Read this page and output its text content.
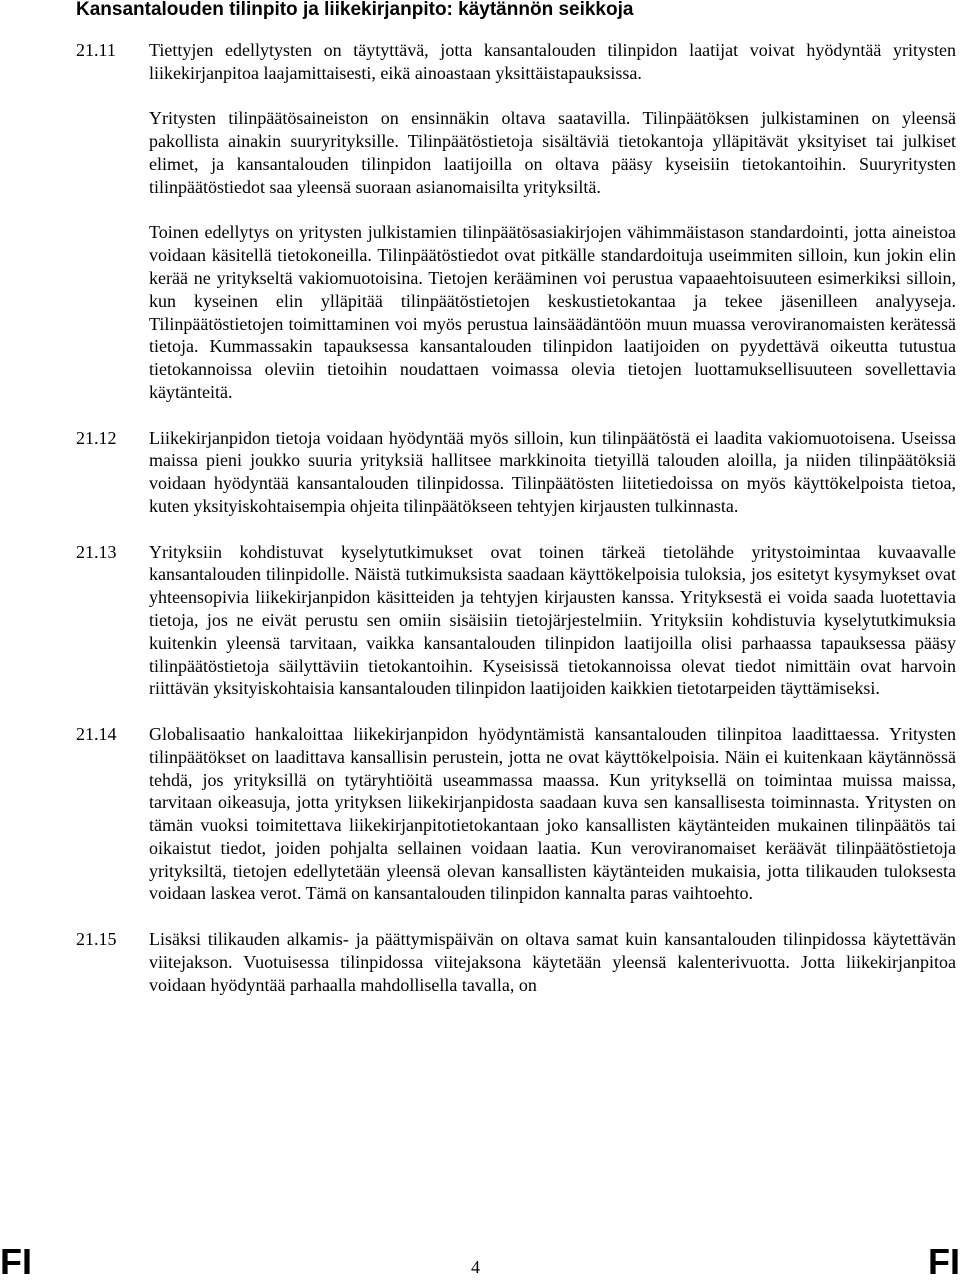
Kansantalouden tilinpito ja liikekirjanpito: käytännön seikkoja
21.11	Tiettyjen edellytysten on täytyttävä, jotta kansantalouden tilinpidon laatijat voivat hyödyntää yritysten liikekirjanpitoa laajamittaisesti, eikä ainoastaan yksittäistapauksissa.

Yritysten tilinpäätösaineiston on ensinnäkin oltava saatavilla. Tilinpäätöksen julkistaminen on yleensä pakollista ainakin suuryrityksille. Tilinpäätöstietoja sisältäviä tietokantoja ylläpitävät yksityiset tai julkiset elimet, ja kansantalouden tilinpidon laatijoilla on oltava pääsy kyseisiin tietokantoihin. Suuryritysten tilinpäätöstiedot saa yleensä suoraan asianomaisilta yrityksiltä.

Toinen edellytys on yritysten julkistamien tilinpäätösasiakirjojen vähimmäistason standardointi, jotta aineistoa voidaan käsitellä tietokoneilla. Tilinpäätöstiedot ovat pitkälle standardoituja useimmiten silloin, kun jokin elin kerää ne yritykseltä vakiomuotoisina. Tietojen kerääminen voi perustua vapaaehtoisuuteen esimerkiksi silloin, kun kyseinen elin ylläpitää tilinpäätöstietojen keskustietokantaa ja tekee jäsenilleen analyyseja. Tilinpäätöstietojen toimittaminen voi myös perustua lainsäädäntöön muun muassa veroviranomaisten kerätessä tietoja. Kummassakin tapauksessa kansantalouden tilinpidon laatijoiden on pyydettävä oikeutta tutustua tietokannoissa oleviin tietoihin noudattaen voimassa olevia tietojen luottamuksellisuuteen sovellettavia käytänteitä.

21.12	Liikekirjanpidon tietoja voidaan hyödyntää myös silloin, kun tilinpäätöstä ei laadita vakiomuotoisena. Useissa maissa pieni joukko suuria yrityksiä hallitsee markkinoita tietyillä talouden aloilla, ja niiden tilinpäätöksiä voidaan hyödyntää kansantalouden tilinpidossa. Tilinpäätösten liitetiedoissa on myös käyttökelpoista tietoa, kuten yksityiskohtaisempia ohjeita tilinpäätökseen tehtyjen kirjausten tulkinnasta.

21.13	Yrityksiin kohdistuvat kyselytutkimukset ovat toinen tärkeä tietolähde yritystoimintaa kuvaavalle kansantalouden tilinpidolle. Näistä tutkimuksista saadaan käyttökelpoisia tuloksia, jos esitetyt kysymykset ovat yhteensopivia liikekirjanpidon käsitteiden ja tehtyjen kirjausten kanssa. Yrityksestä ei voida saada luotettavia tietoja, jos ne eivät perustu sen omiin sisäisiin tietojärjestelmiin. Yrityksiin kohdistuvia kyselytutkimuksia kuitenkin yleensä tarvitaan, vaikka kansantalouden tilinpidon laatijoilla olisi parhaassa tapauksessa pääsy tilinpäätöstietoja säilyttäviin tietokantoihin. Kyseisissä tietokannoissa olevat tiedot nimittäin ovat harvoin riittävän yksityiskohtaisia kansantalouden tilinpidon laatijoiden kaikkien tietotarpeiden täyttämiseksi.

21.14	Globalisaatio hankaloittaa liikekirjanpidon hyödyntämistä kansantalouden tilinpitoa laadittaessa. Yritysten tilinpäätökset on laadittava kansallisin perustein, jotta ne ovat käyttökelpoisia. Näin ei kuitenkaan käytännössä tehdä, jos yrityksillä on tytäryhtiöitä useammassa maassa. Kun yrityksellä on toimintaa muissa maissa, tarvitaan oikeasuja, jotta yrityksen liikekirjanpidosta saadaan kuva sen kansallisesta toiminnasta. Yritysten on tämän vuoksi toimitettava liikekirjanpitotietokantaan joko kansallisten käytänteiden mukainen tilinpäätös tai oikaistut tiedot, joiden pohjalta sellainen voidaan laatia. Kun veroviranomaiset keräävät tilinpäätöstietoja yrityksiltä, tietojen edellytetään yleensä olevan kansallisten käytänteiden mukaisia, jotta tilikauden tuloksesta voidaan laskea verot. Tämä on kansantalouden tilinpidon kannalta paras vaihtoehto.

21.15	Lisäksi tilikauden alkamis- ja päättymispäivän on oltava samat kuin kansantalouden tilinpidossa käytettävän viitejakson. Vuotuisessa tilinpidossa viitejaksona käytetään yleensä kalenterivuotta. Jotta liikekirjanpitoa voidaan hyödyntää parhaalla mahdollisella tavalla, on

FI	4	FI
